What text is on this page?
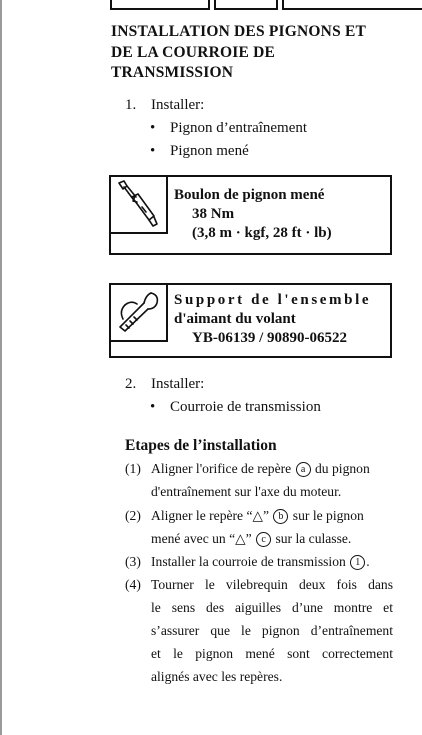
INSTALLATION DES PIGNONS ET
DE LA COURROIE DE
TRANSMISSION
1. Installer:
• Pignon d’entraînement
• Pignon mené
Boulon de pignon mené
38 Nm
(3,8 m · kgf, 28 ft · lb)
Support de l'ensemble
d'aimant du volant
YB-06139 / 90890-06522
2. Installer:
• Courroie de transmission
Etapes de l’installation
(1) Aligner l'orifice de repère a du pignon
d'entraînement sur l'axe du moteur.
(2) Aligner le repère “△” b sur le pignon
mené avec un “△” c sur la culasse.
(3) Installer la courroie de transmission 1 .
(4) Tourner le vilebrequin deux fois dans
le sens des aiguilles d’une montre et
s’assurer que le pignon d’entraînement
et le pignon mené sont correctement
alignés avec les repères.
